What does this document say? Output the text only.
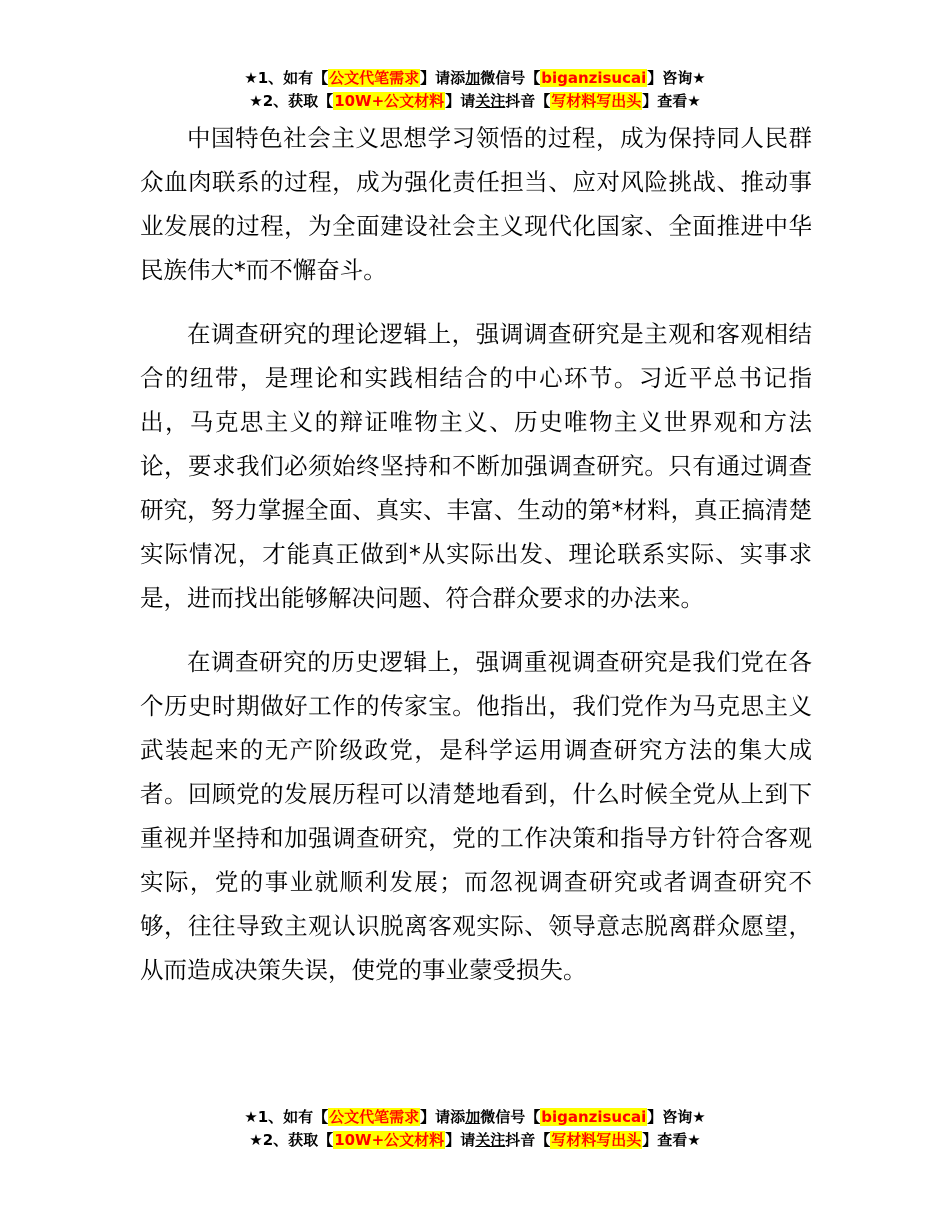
★1、如有【公文代笔需求】请添加微信号【biganzisucai】咨询★
★2、获取【10W+公文材料】请关注抖音【写材料写出头】查看★

中国特色社会主义思想学习领悟的过程，成为保持同人民群众血肉联系的过程，成为强化责任担当、应对风险挑战、推动事业发展的过程，为全面建设社会主义现代化国家、全面推进中华民族伟大*而不懈奋斗。

在调查研究的理论逻辑上，强调调查研究是主观和客观相结合的纽带，是理论和实践相结合的中心环节。习近平总书记指出，马克思主义的辩证唯物主义、历史唯物主义世界观和方法论，要求我们必须始终坚持和不断加强调查研究。只有通过调查研究，努力掌握全面、真实、丰富、生动的第*材料，真正搞清楚实际情况，才能真正做到*从实际出发、理论联系实际、实事求是，进而找出能够解决问题、符合群众要求的办法来。

在调查研究的历史逻辑上，强调重视调查研究是我们党在各个历史时期做好工作的传家宝。他指出，我们党作为马克思主义武装起来的无产阶级政党，是科学运用调查研究方法的集大成者。回顾党的发展历程可以清楚地看到，什么时候全党从上到下重视并坚持和加强调查研究，党的工作决策和指导方针符合客观实际，党的事业就顺利发展；而忽视调查研究或者调查研究不够，往往导致主观认识脱离客观实际、领导意志脱离群众愿望，从而造成决策失误，使党的事业蒙受损失。

★1、如有【公文代笔需求】请添加微信号【biganzisucai】咨询★
★2、获取【10W+公文材料】请关注抖音【写材料写出头】查看★
